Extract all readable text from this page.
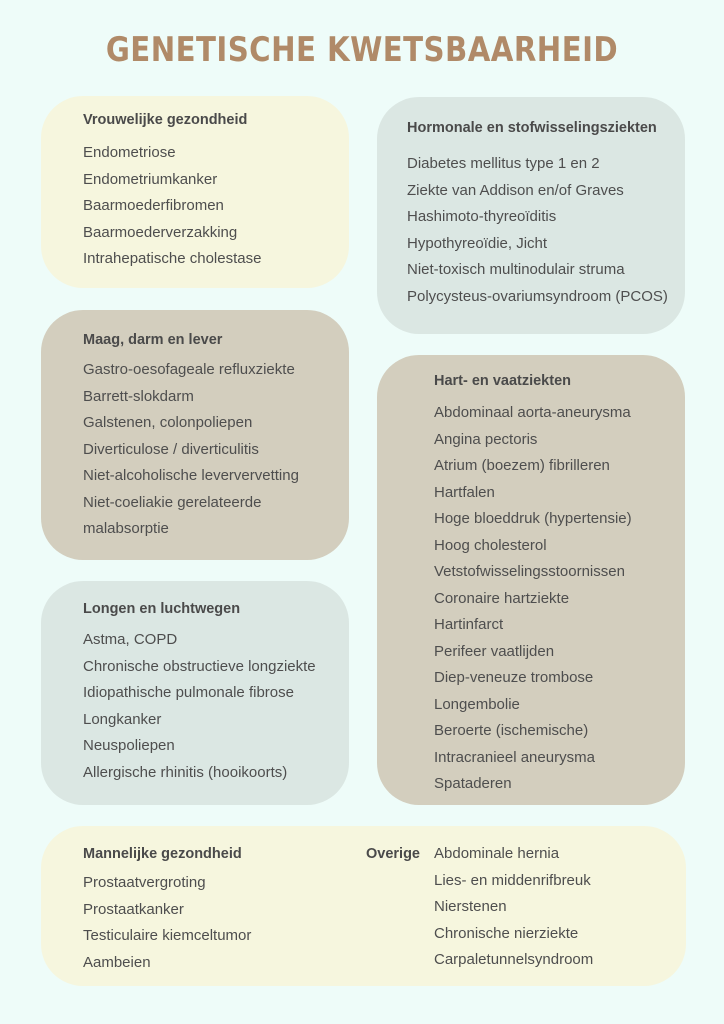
GENETISCHE KWETSBAARHEID
Vrouwelijke gezondheid
Endometriose
Endometriumkanker
Baarmoederfibromen
Baarmoederverzakking
Intrahepatische cholestase
Hormonale en stofwisselingsziekten
Diabetes mellitus type 1 en 2
Ziekte van Addison en/of Graves
Hashimoto-thyreoïditis
Hypothyreoïdie, Jicht
Niet-toxisch multinodulair struma
Polycysteus-ovariumsyndroom (PCOS)
Maag, darm en lever
Gastro-oesofageale refluxziekte
Barrett-slokdarm
Galstenen, colonpoliepen
Diverticulose / diverticulitis
Niet-alcoholische leververvetting
Niet-coeliakie gerelateerde
malabsorptie
Hart- en vaatziekten
Abdominaal aorta-aneurysma
Angina pectoris
Atrium (boezem) fibrilleren
Hartfalen
Hoge bloeddruk (hypertensie)
Hoog cholesterol
Vetstofwisselingsstoornissen
Coronaire hartziekte
Hartinfarct
Perifeer vaatlijden
Diep-veneuze trombose
Longembolie
Beroerte (ischemische)
Intracranieel aneurysma
Spataderen
Longen en luchtwegen
Astma, COPD
Chronische obstructieve longziekte
Idiopathische pulmonale fibrose
Longkanker
Neuspoliepen
Allergische rhinitis (hooikoorts)
Mannelijke gezondheid
Prostaatvergroting
Prostaatkanker
Testiculaire kiemceltumor
Aambeien
Overige Abdominale hernia
Lies- en middenrifbreuk
Nierstenen
Chronische nierziekte
Carpaletunnelsyndroom
